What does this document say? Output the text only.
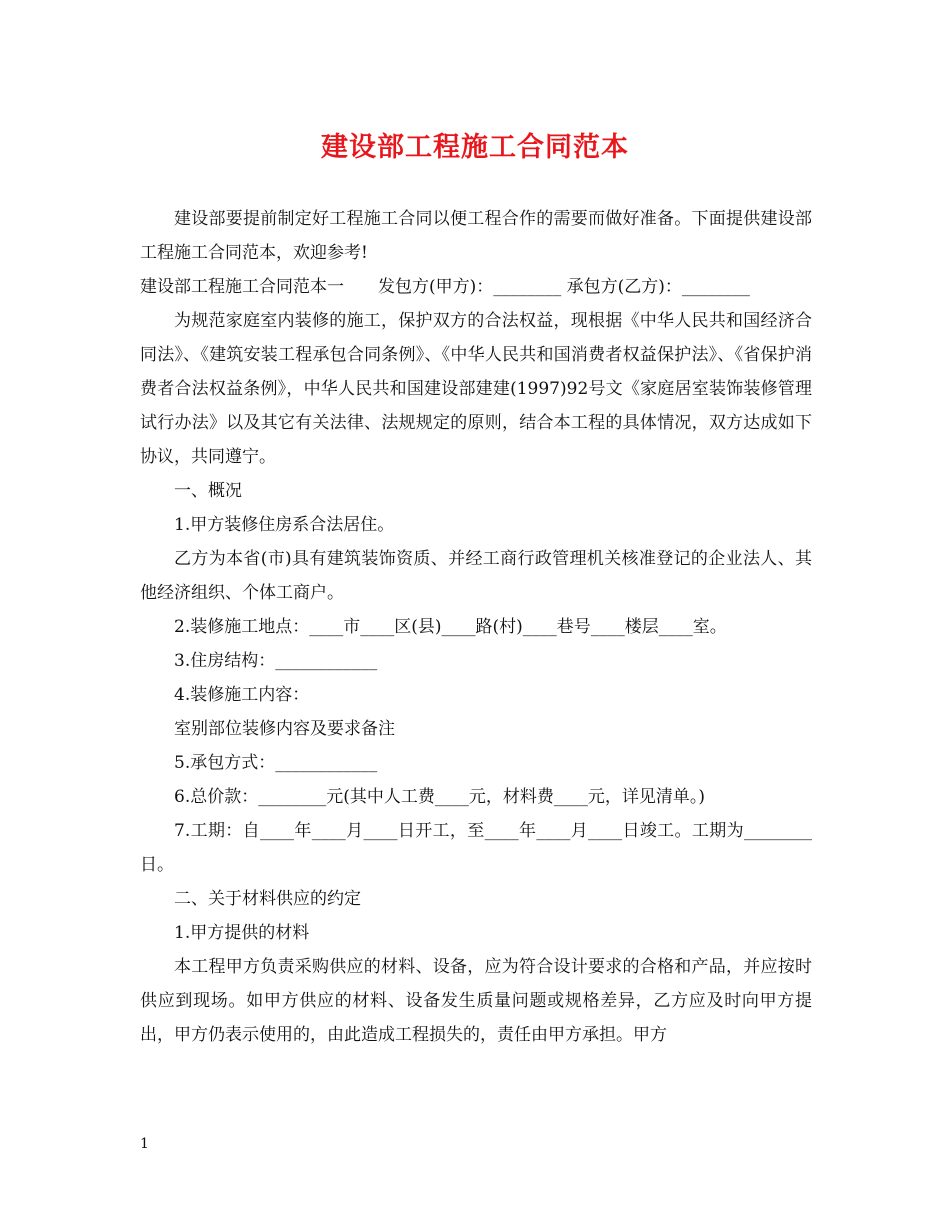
建设部工程施工合同范本

建设部要提前制定好工程施工合同以便工程合作的需要而做好准备。下面提供建设部工程施工合同范本，欢迎参考!

建设部工程施工合同范本一　　发包方(甲方)：________ 承包方(乙方)：________

为规范家庭室内装修的施工，保护双方的合法权益，现根据《中华人民共和国经济合同法》、《建筑安装工程承包合同条例》、《中华人民共和国消费者权益保护法》、《省保护消费者合法权益条例》，中华人民共和国建设部建建(1997)92号文《家庭居室装饰装修管理试行办法》以及其它有关法律、法规规定的原则，结合本工程的具体情况，双方达成如下协议，共同遵宁。

一、概况

1.甲方装修住房系合法居住。

乙方为本省(市)具有建筑装饰资质、并经工商行政管理机关核准登记的企业法人、其他经济组织、个体工商户。

2.装修施工地点：____市____区(县)____路(村)____巷号____楼层____室。

3.住房结构：____________

4.装修施工内容：

室别部位装修内容及要求备注

5.承包方式：____________

6.总价款：________元(其中人工费____元，材料费____元，详见清单。)

7.工期：自____年____月____日开工，至____年____月____日竣工。工期为________日。

二、关于材料供应的约定

1.甲方提供的材料

本工程甲方负责采购供应的材料、设备，应为符合设计要求的合格和产品，并应按时供应到现场。如甲方供应的材料、设备发生质量问题或规格差异，乙方应及时向甲方提出，甲方仍表示使用的，由此造成工程损失的，责任由甲方承担。甲方

1
